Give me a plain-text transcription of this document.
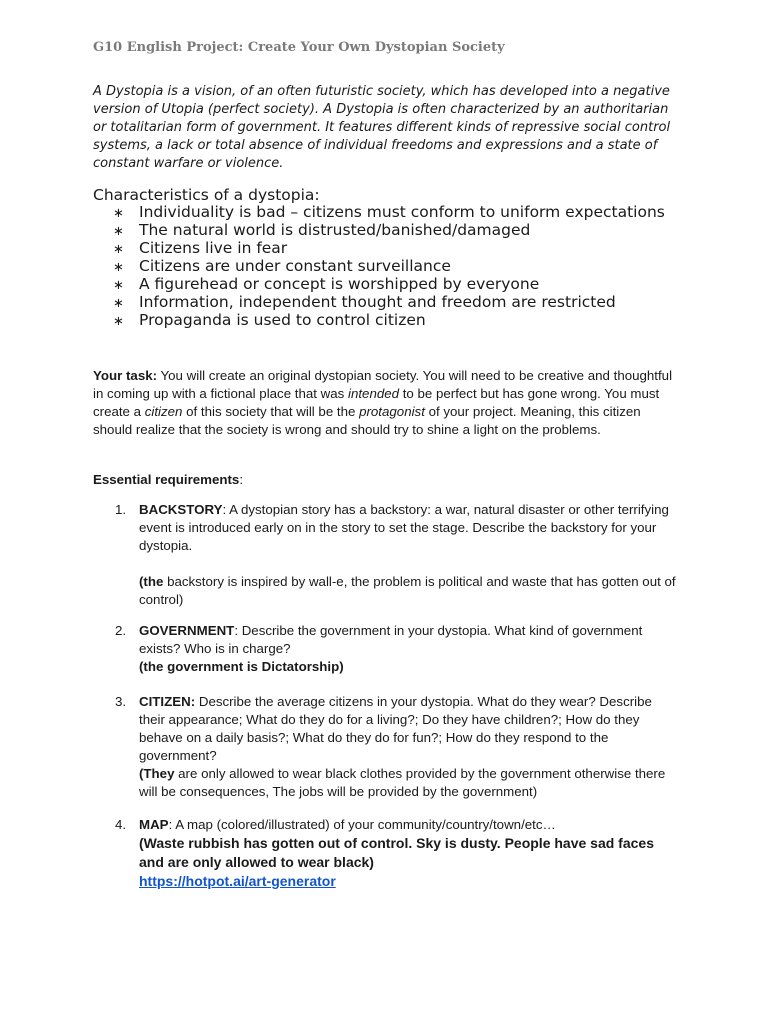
G10 English Project: Create Your Own Dystopian Society

A Dystopia is a vision, of an often futuristic society, which has developed into a negative version of Utopia (perfect society). A Dystopia is often characterized by an authoritarian or totalitarian form of government. It features different kinds of repressive social control systems, a lack or total absence of individual freedoms and expressions and a state of constant warfare or violence.

Characteristics of a dystopia:

∗ Individuality is bad – citizens must conform to uniform expectations
∗ The natural world is distrusted/banished/damaged
∗ Citizens live in fear
∗ Citizens are under constant surveillance
∗ A figurehead or concept is worshipped by everyone
∗ Information, independent thought and freedom are restricted
∗ Propaganda is used to control citizen

Your task: You will create an original dystopian society. You will need to be creative and thoughtful in coming up with a fictional place that was intended to be perfect but has gone wrong. You must create a citizen of this society that will be the protagonist of your project. Meaning, this citizen should realize that the society is wrong and should try to shine a light on the problems.

Essential requirements:

1. BACKSTORY: A dystopian story has a backstory: a war, natural disaster or other terrifying event is introduced early on in the story to set the stage. Describe the backstory for your dystopia.
(the backstory is inspired by wall-e, the problem is political and waste that has gotten out of control)
2. GOVERNMENT: Describe the government in your dystopia. What kind of government exists? Who is in charge?
(the government is Dictatorship)
3. CITIZEN: Describe the average citizens in your dystopia. What do they wear? Describe their appearance; What do they do for a living?; Do they have children?; How do they behave on a daily basis?; What do they do for fun?; How do they respond to the government?
(They are only allowed to wear black clothes provided by the government otherwise there will be consequences, The jobs will be provided by the government)
4. MAP: A map (colored/illustrated) of your community/country/town/etc…
(Waste rubbish has gotten out of control. Sky is dusty. People have sad faces and are only allowed to wear black)
https://hotpot.ai/art-generator
